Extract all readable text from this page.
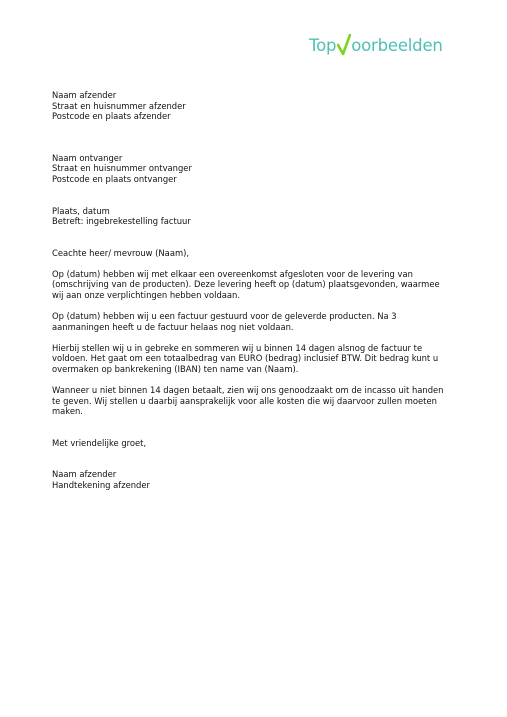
Top oorbeelden

Naam afzender

Straat en huisnummer afzender

Postcode en plaats afzender

Naam ontvanger

Straat en huisnummer ontvanger

Postcode en plaats ontvanger

Plaats, datum

Betreft: ingebrekestelling factuur

Ceachte heer/ mevrouw (Naam),

Op (datum) hebben wij met elkaar een overeenkomst afgesloten voor de levering van

(omschrijving van de producten). Deze levering heeft op (datum) plaatsgevonden, waarmee

wij aan onze verplichtingen hebben voldaan.

Op (datum) hebben wij u een factuur gestuurd voor de geleverde producten. Na 3

aanmaningen heeft u de factuur helaas nog niet voldaan.

Hierbij stellen wij u in gebreke en sommeren wij u binnen 14 dagen alsnog de factuur te

voldoen. Het gaat om een totaalbedrag van EURO (bedrag) inclusief BTW. Dit bedrag kunt u

overmaken op bankrekening (IBAN) ten name van (Naam).

Wanneer u niet binnen 14 dagen betaalt, zien wij ons genoodzaakt om de incasso uit handen

te geven. Wij stellen u daarbij aansprakelijk voor alle kosten die wij daarvoor zullen moeten

maken.

Met vriendelijke groet,

Naam afzender

Handtekening afzender
